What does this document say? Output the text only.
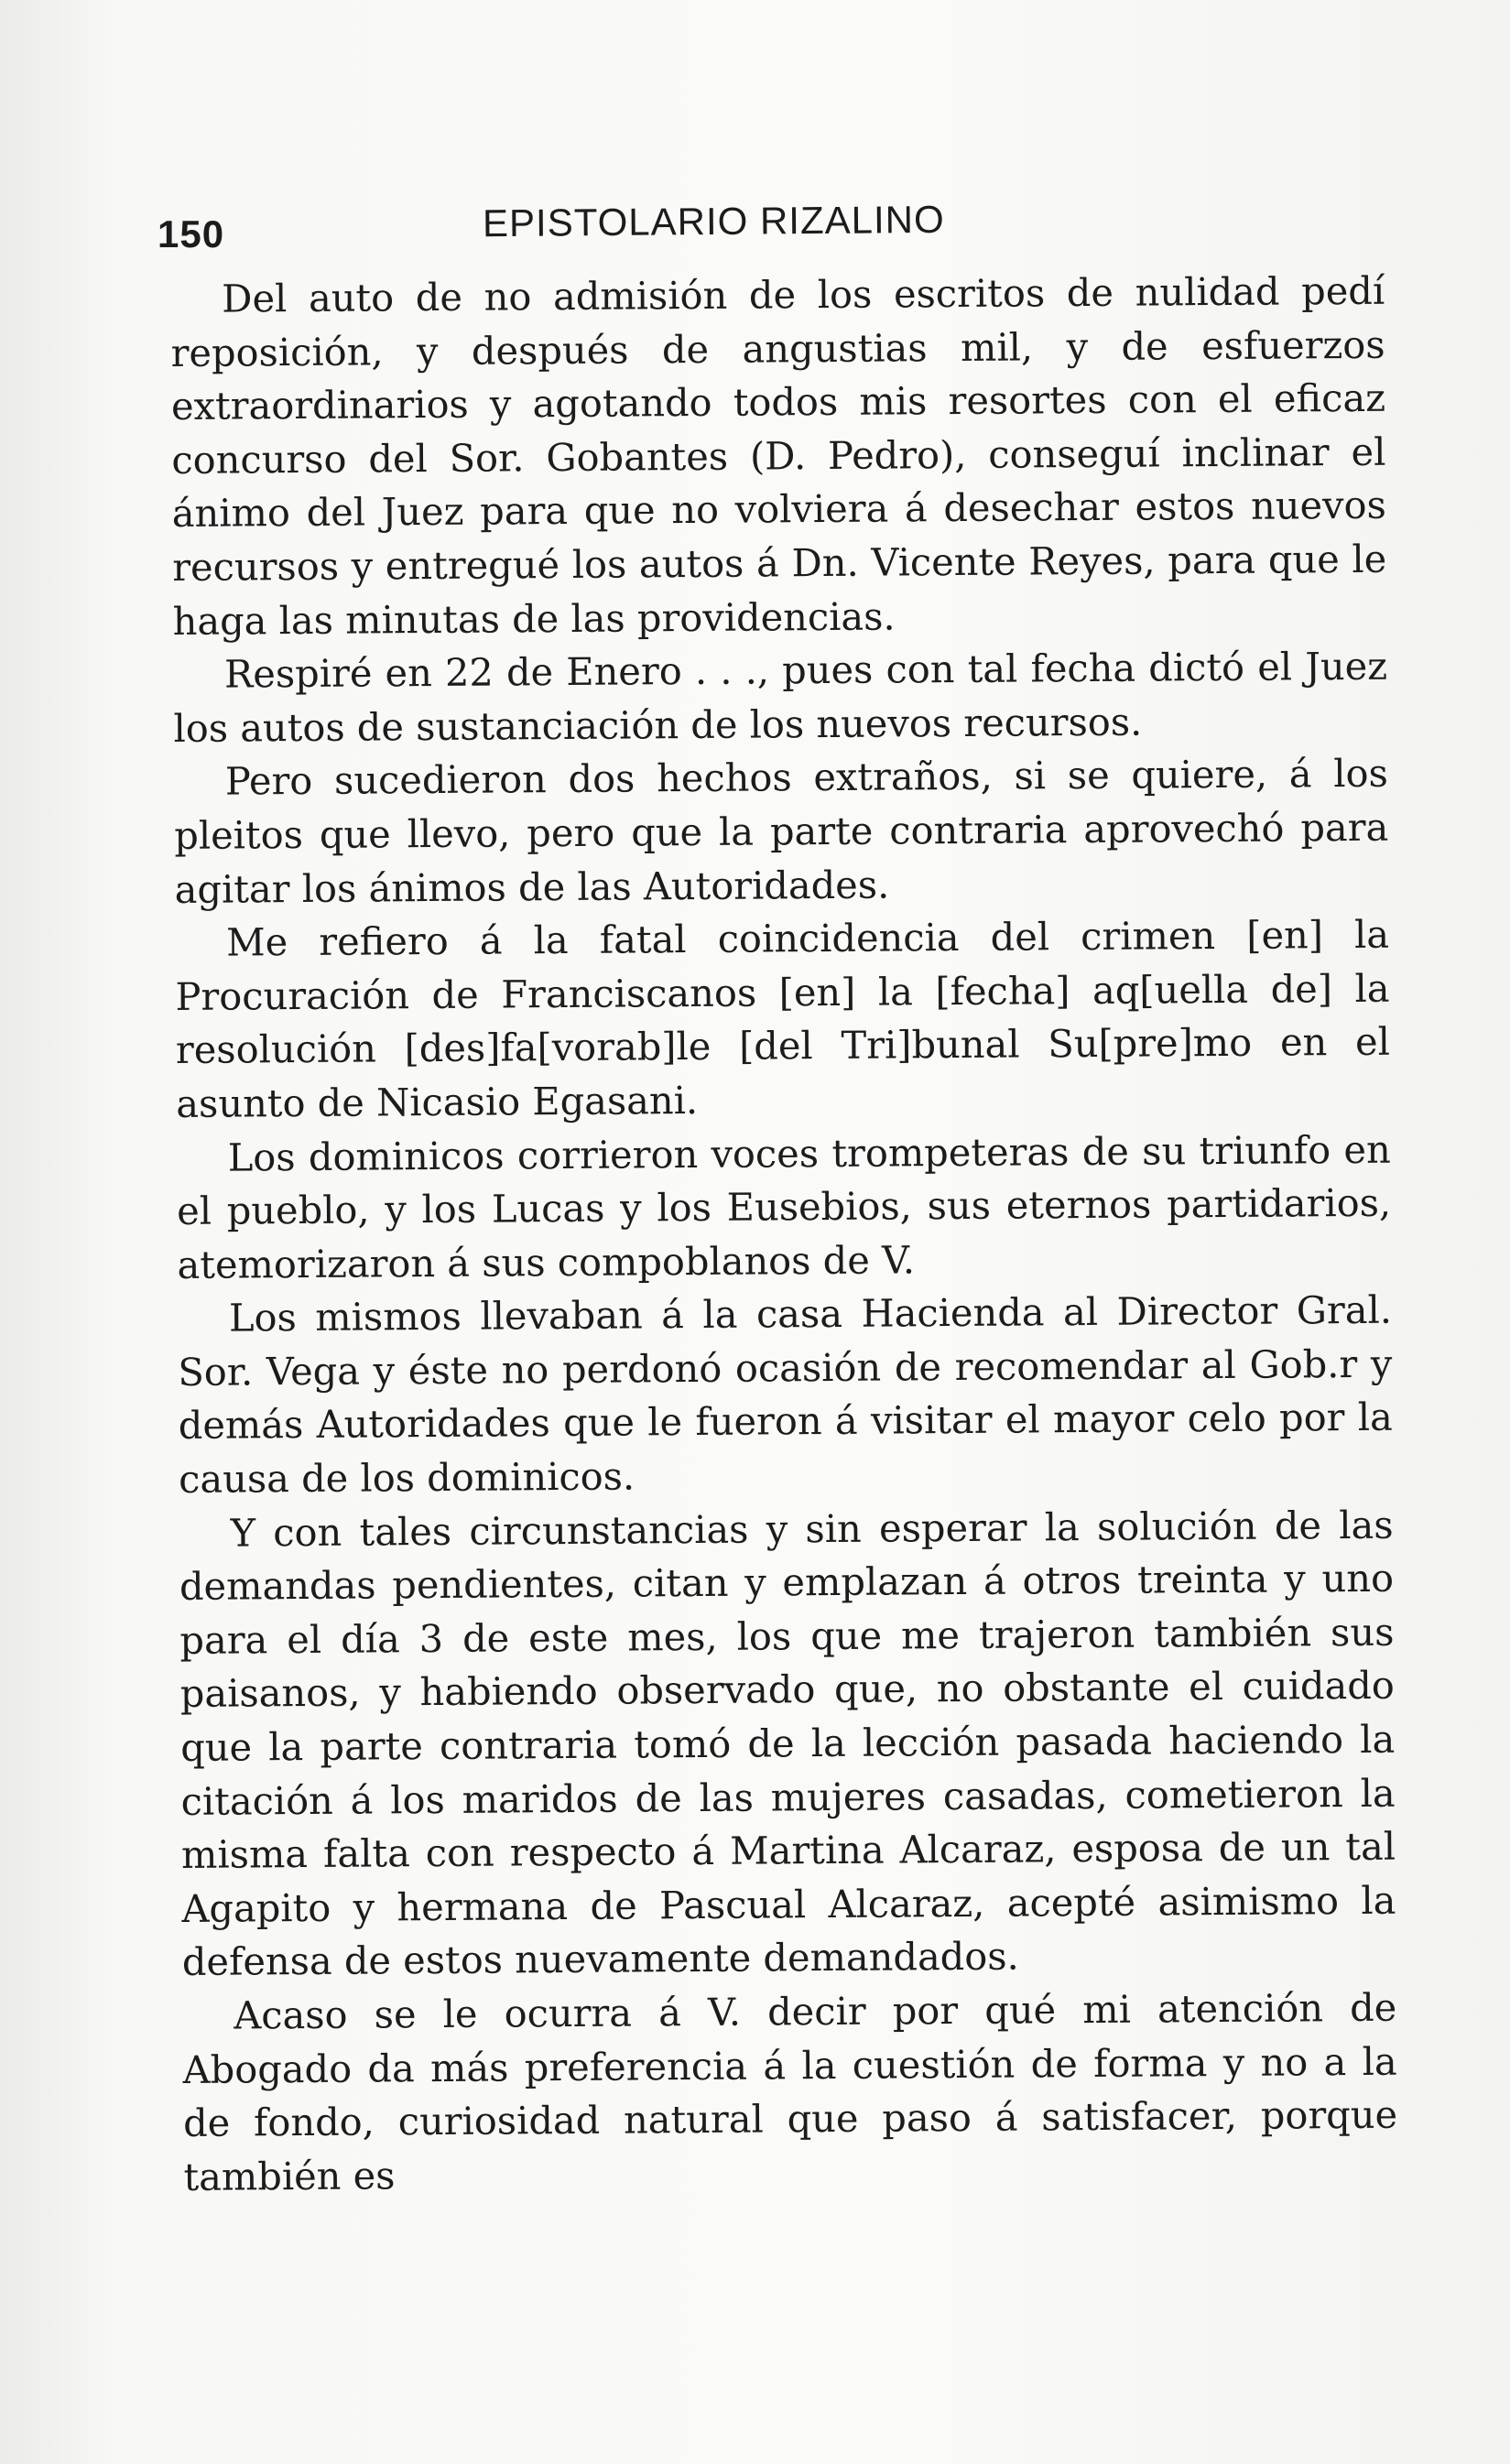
150	EPISTOLARIO RIZALINO

Del auto de no admisión de los escritos de nulidad pedí reposición, y después de angustias mil, y de esfuerzos extraordinarios y agotando todos mis resortes con el eficaz concurso del Sor. Gobantes (D. Pedro), conseguí inclinar el ánimo del Juez para que no volviera á desechar estos nuevos recursos y entregué los autos á Dn. Vicente Reyes, para que le haga las minutas de las providencias.

Respiré en 22 de Enero . . ., pues con tal fecha dictó el Juez los autos de sustanciación de los nuevos recursos.

Pero sucedieron dos hechos extraños, si se quiere, á los pleitos que llevo, pero que la parte contraria aprovechó para agitar los ánimos de las Autoridades.

Me refiero á la fatal coincidencia del crimen [en] la Procuración de Franciscanos [en] la [fecha] aq[uella de] la resolución [des]fa[vorab]le [del Tri]bunal Su[pre]mo en el asunto de Nicasio Egasani.

Los dominicos corrieron voces trompeteras de su triunfo en el pueblo, y los Lucas y los Eusebios, sus eternos partidarios, atemorizaron á sus compoblanos de V.

Los mismos llevaban á la casa Hacienda al Director Gral. Sor. Vega y éste no perdonó ocasión de recomendar al Gob.r y demás Autoridades que le fueron á visitar el mayor celo por la causa de los dominicos.

Y con tales circunstancias y sin esperar la solución de las demandas pendientes, citan y emplazan á otros treinta y uno para el día 3 de este mes, los que me trajeron también sus paisanos, y habiendo observado que, no obstante el cuidado que la parte contraria tomó de la lección pasada haciendo la citación á los maridos de las mujeres casadas, cometieron la misma falta con respecto á Martina Alcaraz, esposa de un tal Agapito y hermana de Pascual Alcaraz, acepté asimismo la defensa de estos nuevamente demandados.

Acaso se le ocurra á V. decir por qué mi atención de Abogado da más preferencia á la cuestión de forma y no a la de fondo, curiosidad natural que paso á satisfacer, porque también es
